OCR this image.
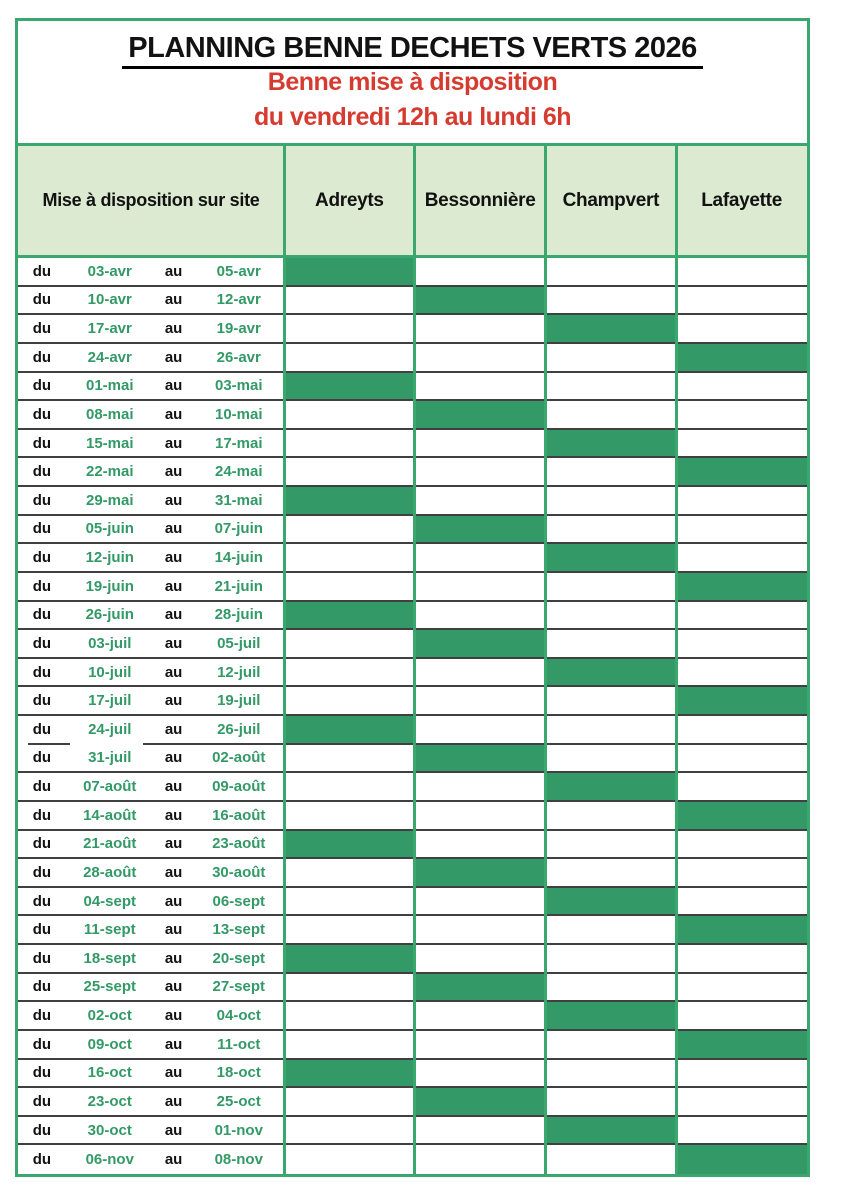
PLANNING BENNE DECHETS VERTS 2026
Benne mise à disposition
du vendredi 12h au lundi 6h
Mise à disposition sur site	Adreyts	Bessonnière	Champvert	Lafayette
du	03-avr	au	05-avr
du	10-avr	au	12-avr
du	17-avr	au	19-avr
du	24-avr	au	26-avr
du	01-mai	au	03-mai
du	08-mai	au	10-mai
du	15-mai	au	17-mai
du	22-mai	au	24-mai
du	29-mai	au	31-mai
du	05-juin	au	07-juin
du	12-juin	au	14-juin
du	19-juin	au	21-juin
du	26-juin	au	28-juin
du	03-juil	au	05-juil
du	10-juil	au	12-juil
du	17-juil	au	19-juil
du	24-juil	au	26-juil
du	31-juil	au	02-août
du	07-août	au	09-août
du	14-août	au	16-août
du	21-août	au	23-août
du	28-août	au	30-août
du	04-sept	au	06-sept
du	11-sept	au	13-sept
du	18-sept	au	20-sept
du	25-sept	au	27-sept
du	02-oct	au	04-oct
du	09-oct	au	11-oct
du	16-oct	au	18-oct
du	23-oct	au	25-oct
du	30-oct	au	01-nov
du	06-nov	au	08-nov
